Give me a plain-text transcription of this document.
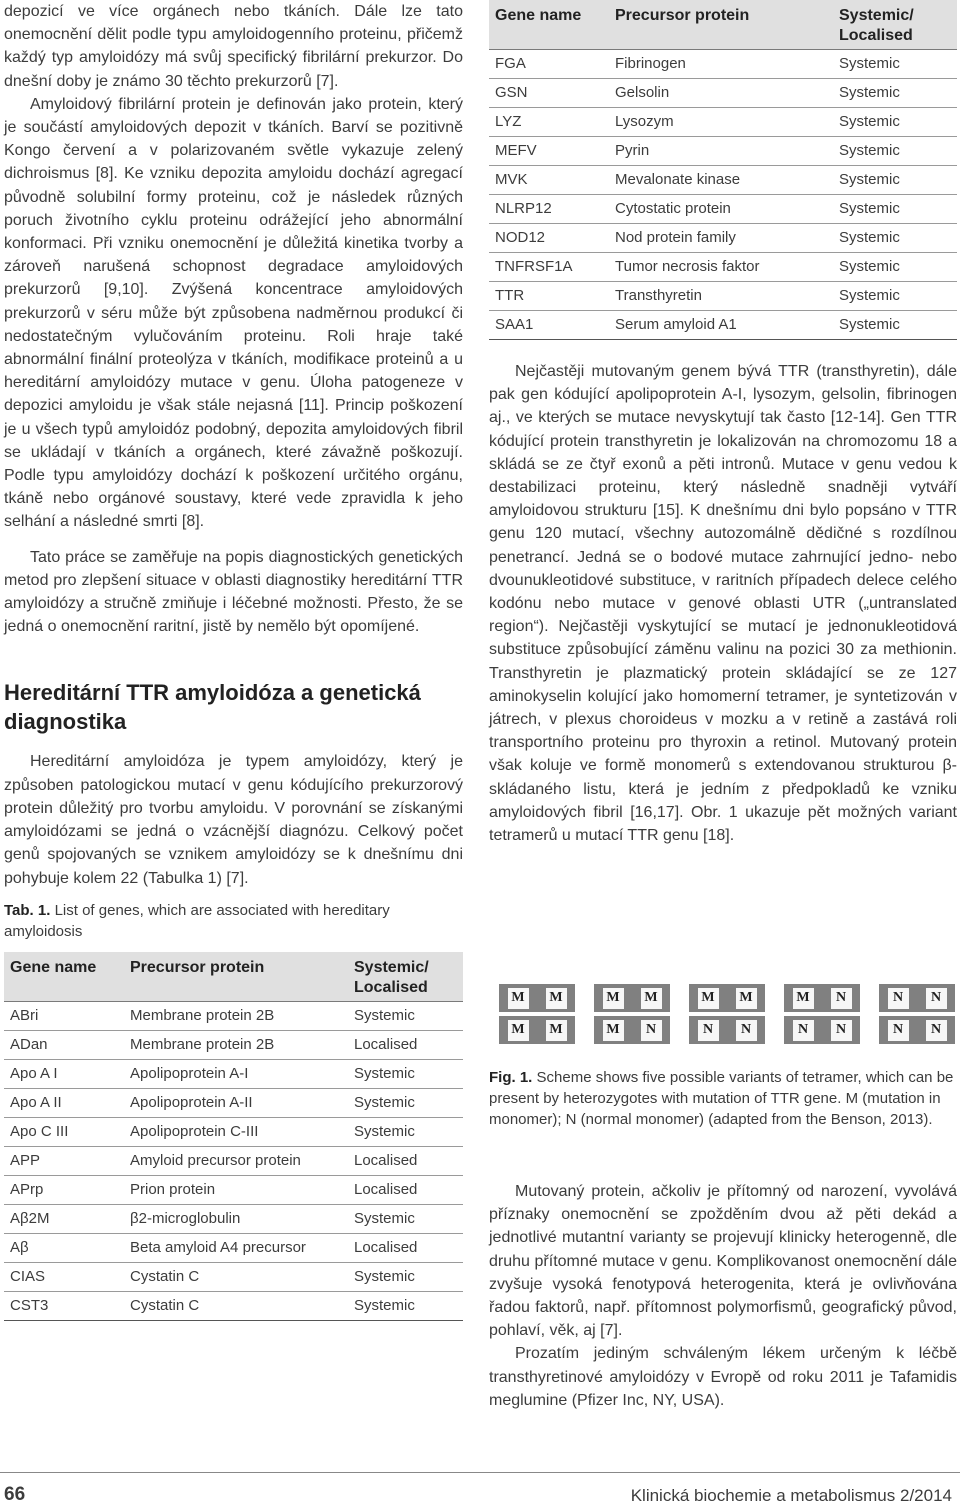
depozicí ve více orgánech nebo tkáních. Dále lze tato onemocnění dělit podle typu amyloidogenního proteinu, přičemž každý typ amyloidózy má svůj specifický fibrilární prekurzor. Do dnešní doby je známo 30 těchto prekurzorů [7].

Amyloidový fibrilární protein je definován jako protein, který je součástí amyloidových depozit v tkáních. Barví se pozitivně Kongo červení a v polarizovaném světle vykazuje zelený dichroismus [8]. Ke vzniku depozita amyloidu dochází agregací původně solubilní formy proteinu, což je následek různých poruch životního cyklu proteinu odrážející jeho abnormální konformaci. Při vzniku onemocnění je důležitá kinetika tvorby a zároveň narušená schopnost degradace amyloidových prekurzorů [9,10]. Zvýšená koncentrace amyloidových prekurzorů v séru může být způsobena nadměrnou produkcí či nedostatečným vylučováním proteinu. Roli hraje také abnormální finální proteolýza v tkáních, modifikace proteinů a u hereditární amyloidózy mutace v genu. Úloha patogeneze v depozici amyloidu je však stále nejasná [11]. Princip poškození je u všech typů amyloidóz podobný, depozita amyloidových fibril se ukládají v tkáních a orgánech, které závažně poškozují. Podle typu amyloidózy dochází k poškození určitého orgánu, tkáně nebo orgánové soustavy, které vede zpravidla k jeho selhání a následné smrti [8].

Tato práce se zaměřuje na popis diagnostických genetických metod pro zlepšení situace v oblasti diagnostiky hereditární TTR amyloidózy a stručně zmiňuje i léčebné možnosti. Přesto, že se jedná o onemocnění raritní, jistě by nemělo být opomíjené.

Hereditární TTR amyloidóza a genetická diagnostika

Hereditární amyloidóza je typem amyloidózy, který je způsoben patologickou mutací v genu kódujícího prekurzorový protein důležitý pro tvorbu amyloidu. V porovnání se získanými amyloidózami se jedná o vzácnější diagnózu. Celkový počet genů spojovaných se vznikem amyloidózy se k dnešnímu dni pohybuje kolem 22 (Tabulka 1) [7].

Tab. 1. List of genes, which are associated with hereditary amyloidosis

Gene name	Precursor protein	Systemic/ Localised
ABri	Membrane protein 2B	Systemic
ADan	Membrane protein 2B	Localised
Apo A I	Apolipoprotein A-I	Systemic
Apo A II	Apolipoprotein A-II	Systemic
Apo C III	Apolipoprotein C-III	Systemic
APP	Amyloid precursor protein	Localised
APrp	Prion protein	Localised
Aβ2M	β2-microglobulin	Systemic
Aβ	Beta amyloid A4 precursor	Localised
CIAS	Cystatin C	Systemic
CST3	Cystatin C	Systemic
Gene name	Precursor protein	Systemic/ Localised
FGA	Fibrinogen	Systemic
GSN	Gelsolin	Systemic
LYZ	Lysozym	Systemic
MEFV	Pyrin	Systemic
MVK	Mevalonate kinase	Systemic
NLRP12	Cytostatic protein	Systemic
NOD12	Nod protein family	Systemic
TNFRSF1A	Tumor necrosis faktor	Systemic
TTR	Transthyretin	Systemic
SAA1	Serum amyloid A1	Systemic

Nejčastěji mutovaným genem bývá TTR (transthyretin), dále pak gen kódující apolipoprotein A-I, lysozym, gelsolin, fibrinogen aj., ve kterých se mutace nevyskytují tak často [12-14]. Gen TTR kódující protein transthyretin je lokalizován na chromozomu 18 a skládá se ze čtyř exonů a pěti intronů. Mutace v genu vedou k destabilizaci proteinu, který následně snadněji vytváří amyloidovou strukturu [15]. K dnešnímu dni bylo popsáno v TTR genu 120 mutací, všechny autozomálně dědičné s rozdílnou penetrancí. Jedná se o bodové mutace zahrnující jedno- nebo dvounukleotidové substituce, v raritních případech delece celého kodónu nebo mutace v genové oblasti UTR („untranslated region“). Nejčastěji vyskytující se mutací je jednonukleotidová substituce způsobující záměnu valinu na pozici 30 za methionin. Transthyretin je plazmatický protein skládající se ze 127 aminokyselin kolující jako homomerní tetramer, je syntetizován v játrech, v plexus choroideus v mozku a v retině a zastává roli transportního proteinu pro thyroxin a retinol. Mutovaný protein však koluje ve formě monomerů s extendovanou strukturou β-skládaného listu, která je jedním z předpokladů ke vzniku amyloidových fibril [16,17]. Obr. 1 ukazuje pět možných variant tetramerů u mutací TTR genu [18].

M M	M M	M M	M	N	N	N
M M	M	N	N	N	N	N	N	N

Fig. 1. Scheme shows five possible variants of tetramer, which can be present by heterozygotes with mutation of TTR gene. M (mutation in monomer); N (normal monomer) (adapted from the Benson, 2013).

Mutovaný protein, ačkoliv je přítomný od narození, vyvolává příznaky onemocnění se zpožděním dvou až pěti dekád a jednotlivé mutantní varianty se projevují klinicky heterogenně, dle druhu přítomné mutace v genu. Komplikovanost onemocnění dále zvyšuje vysoká fenotypová heterogenita, která je ovlivňována řadou faktorů, např. přítomnost polymorfismů, geografický původ, pohlaví, věk, aj [7].

Prozatím jediným schváleným lékem určeným k léčbě transthyretinové amyloidózy v Evropě od roku 2011 je Tafamidis meglumine (Pfizer Inc, NY, USA).

66	Klinická biochemie a metabolismus 2/2014
